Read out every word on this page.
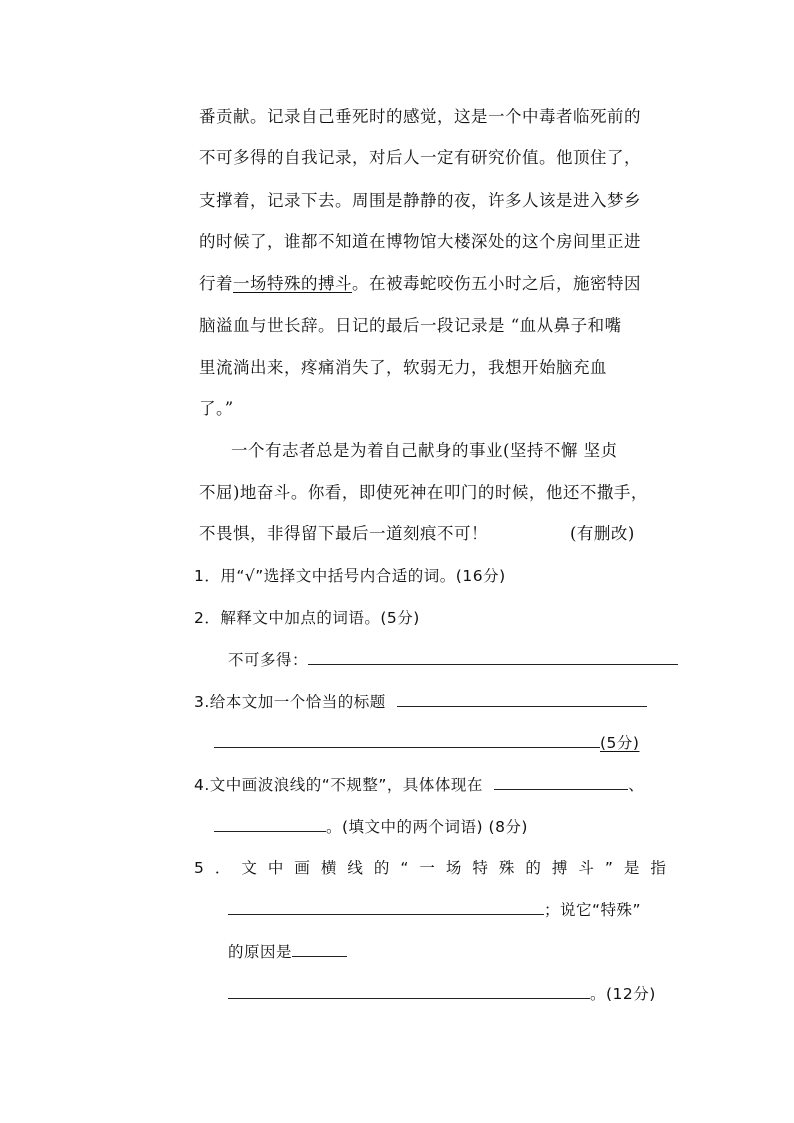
番贡献。记录自己垂死时的感觉，这是一个中毒者临死前的
不可多得的自我记录，对后人一定有研究价值。他顶住了，
支撑着，记录下去。周围是静静的夜，许多人该是进入梦乡
的时候了，谁都不知道在博物馆大楼深处的这个房间里正进
行着一场特殊的搏斗。在被毒蛇咬伤五小时之后，施密特因
脑溢血与世长辞。日记的最后一段记录是 “血从鼻子和嘴
里流淌出来，疼痛消失了，软弱无力，我想开始脑充血
了。”
一个有志者总是为着自己献身的事业(坚持不懈 坚贞
不屈)地奋斗。你看，即使死神在叩门的时候，他还不撒手，
不畏惧，非得留下最后一道刻痕不可！	(有删改)
1．用“√”选择文中括号内合适的词。(16分)
2．解释文中加点的词语。(5分)
不可多得：
3.给本文加一个恰当的标题
(5分)
4.文中画波浪线的“不规整”，具体体现在	、
。(填文中的两个词语) (8分)
5．文中画横线的“一场特殊的搏斗”是指
；说它“特殊”
的原因是
。(12分)
